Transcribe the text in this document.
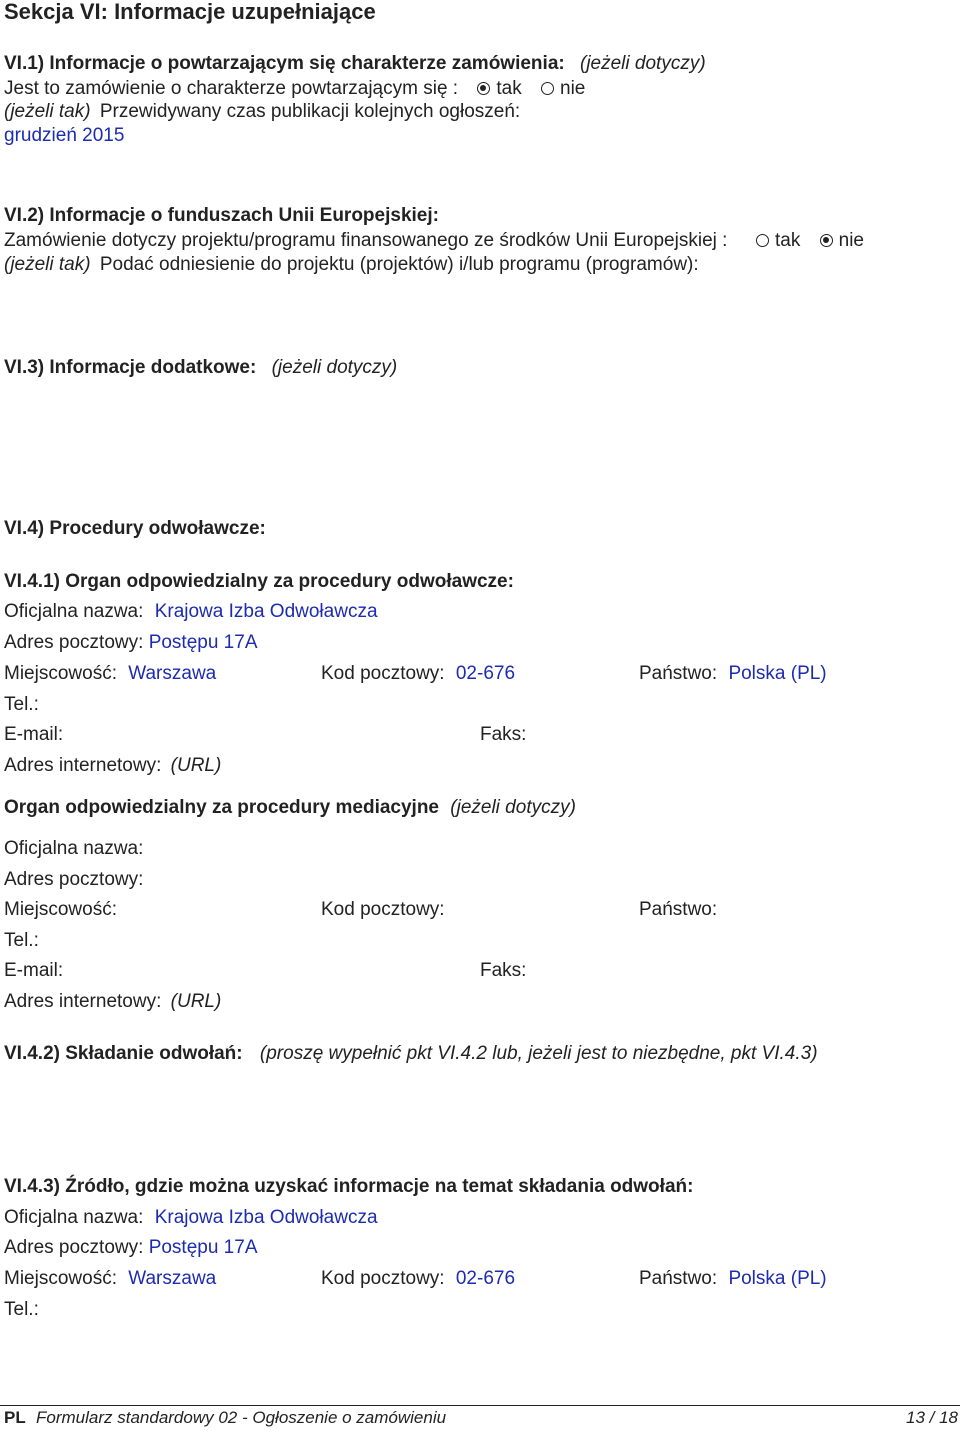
Sekcja VI: Informacje uzupełniające
VI.1) Informacje o powtarzającym się charakterze zamówienia: (jeżeli dotyczy)
Jest to zamówienie o charakterze powtarzającym się : tak nie
(jeżeli tak) Przewidywany czas publikacji kolejnych ogłoszeń:
grudzień 2015
VI.2) Informacje o funduszach Unii Europejskiej:
Zamówienie dotyczy projektu/programu finansowanego ze środków Unii Europejskiej :	tak nie
(jeżeli tak) Podać odniesienie do projektu (projektów) i/lub programu (programów):
VI.3) Informacje dodatkowe: (jeżeli dotyczy)
VI.4) Procedury odwoławcze:
VI.4.1) Organ odpowiedzialny za procedury odwoławcze:
Oficjalna nazwa: Krajowa Izba Odwoławcza
Adres pocztowy: Postępu 17A
Miejscowość: Warszawa	Kod pocztowy: 02-676	Państwo: Polska (PL)
Tel.:
E-mail:	Faks:
Adres internetowy: (URL)
Organ odpowiedzialny za procedury mediacyjne (jeżeli dotyczy)
Oficjalna nazwa:
Adres pocztowy:
Miejscowość:	Kod pocztowy:	Państwo:
Tel.:
E-mail:	Faks:
Adres internetowy: (URL)
VI.4.2) Składanie odwołań: (proszę wypełnić pkt VI.4.2 lub, jeżeli jest to niezbędne, pkt VI.4.3)
VI.4.3) Źródło, gdzie można uzyskać informacje na temat składania odwołań:
Oficjalna nazwa: Krajowa Izba Odwoławcza
Adres pocztowy: Postępu 17A
Miejscowość: Warszawa	Kod pocztowy: 02-676	Państwo: Polska (PL)
Tel.:
PL Formularz standardowy 02 - Ogłoszenie o zamówieniu	13 / 18
